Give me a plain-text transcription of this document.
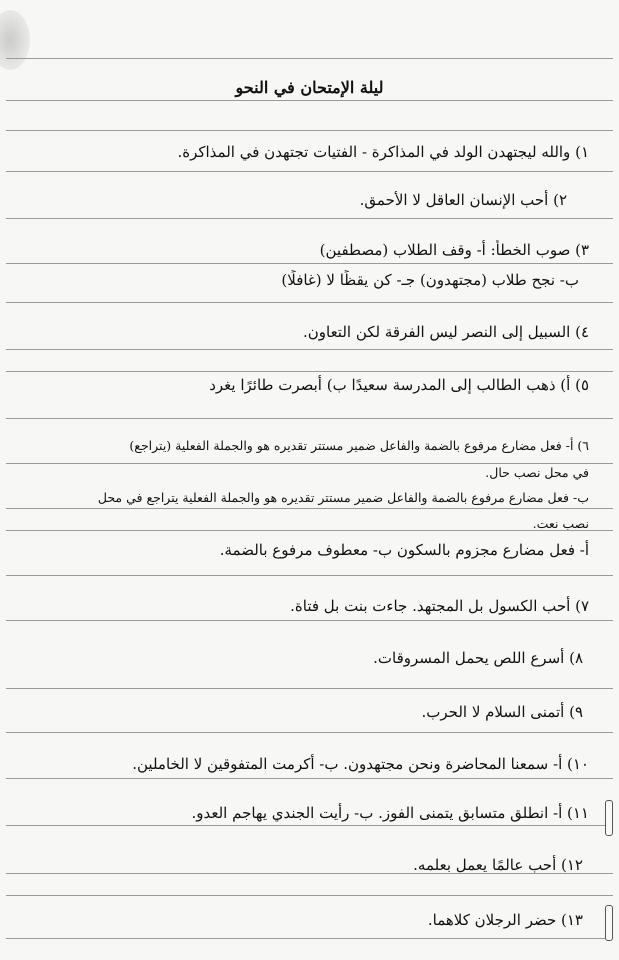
ليلة الإمتحان في النحو
١) والله ليجتهدن الولد في المذاكرة - الفتيات تجتهدن في المذاكرة.
٢) أحب الإنسان العاقل لا الأحمق.
٣) صوب الخطأ: أ- وقف الطلاب (مصطفين)
ب- نجح طلاب (مجتهدون) جـ- كن يقظًا لا (غافلًا)
٤) السبيل إلى النصر ليس الفرقة لكن التعاون.
٥) أ) ذهب الطالب إلى المدرسة سعيدًا ب) أبصرت طائرًا يغرد
٦) أ- فعل مضارع مرفوع بالضمة والفاعل ضمير مستتر تقديره هو والجملة الفعلية (يتراجع)
في محل نصب حال.
ب- فعل مضارع مرفوع بالضمة والفاعل ضمير مستتر تقديره هو والجملة الفعلية يتراجع في محل
نصب نعت.
أ- فعل مضارع مجزوم بالسكون ب- معطوف مرفوع بالضمة.
٧) أحب الكسول بل المجتهد. جاءت بنت بل فتاة.
٨) أسرع اللص يحمل المسروقات.
٩) أتمنى السلام لا الحرب.
١٠) أ- سمعنا المحاضرة ونحن مجتهدون. ب- أكرمت المتفوقين لا الخاملين.
١١) أ- انطلق متسابق يتمنى الفوز. ب- رأيت الجندي يهاجم العدو.
١٢) أحب عالمًا يعمل بعلمه.
١٣) حضر الرجلان كلاهما.
